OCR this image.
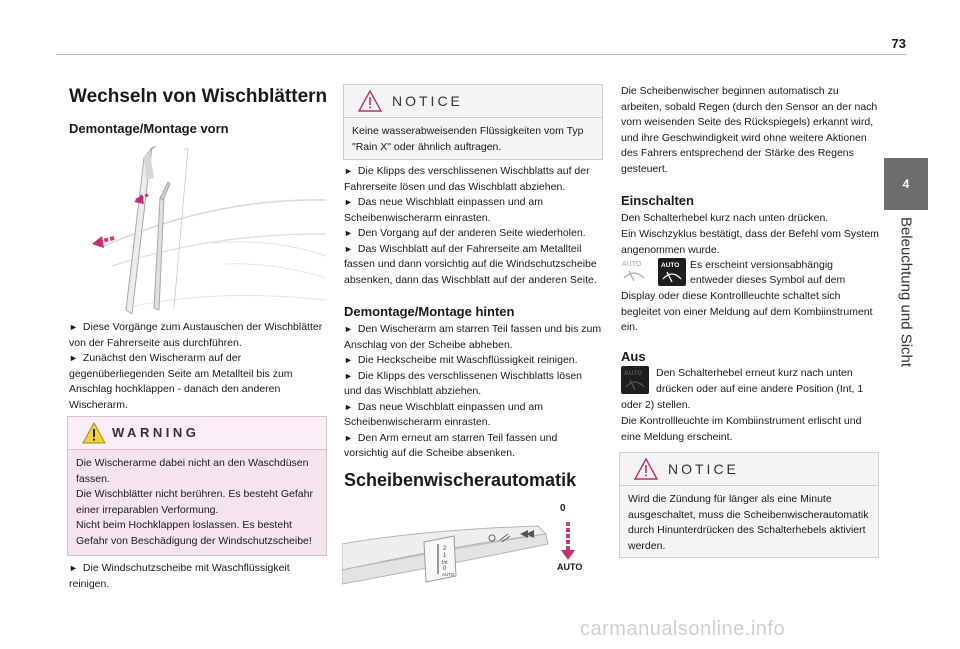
73
4
Beleuchtung und Sicht
Wechseln von Wischblättern
Demontage/Montage vorn

► Diese Vorgänge zum Austauschen der Wischblätter von der Fahrerseite aus durchführen.

► Zunächst den Wischerarm auf der gegenüberliegenden Seite am Metallteil bis zum Anschlag hochklappen - danach den anderen Wischerarm.

WARNING

Die Wischerarme dabei nicht an den Waschdüsen fassen.

Die Wischblätter nicht berühren. Es besteht Gefahr einer irreparablen Verformung.

Nicht beim Hochklappen loslassen. Es besteht Gefahr von Beschädigung der Windschutzscheibe!

► Die Windschutzscheibe mit Waschflüssigkeit reinigen.

NOTICE

Keine wasserabweisenden Flüssigkeiten vom Typ "Rain X" oder ähnlich auftragen.

► Die Klipps des verschlissenen Wischblatts auf der Fahrerseite lösen und das Wischblatt abziehen.

► Das neue Wischblatt einpassen und am Scheibenwischerarm einrasten.

► Den Vorgang auf der anderen Seite wiederholen.

► Das Wischblatt auf der Fahrerseite am Metallteil fassen und dann vorsichtig auf die Windschutzscheibe absenken, dann das Wischblatt auf der anderen Seite.

Demontage/Montage hinten

► Den Wischerarm am starren Teil fassen und bis zum Anschlag von der Scheibe abheben.

► Die Heckscheibe mit Waschflüssigkeit reinigen.

► Die Klipps des verschlissenen Wischblatts lösen und das Wischblatt abziehen.

► Das neue Wischblatt einpassen und am Scheibenwischerarm einrasten.

► Den Arm erneut am starren Teil fassen und vorsichtig auf die Scheibe absenken.

Scheibenwischerautomatik
2
1
Int
0
AUTO
0
AUTO

Die Scheibenwischer beginnen automatisch zu arbeiten, sobald Regen (durch den Sensor an der nach vorn weisenden Seite des Rückspiegels) erkannt wird, und ihre Geschwindigkeit wird ohne weitere Aktionen des Fahrers entsprechend der Stärke des Regens gesteuert.

Einschalten

Den Schalterhebel kurz nach unten drücken.

Ein Wischzyklus bestätigt, dass der Befehl vom System angenommen wurde.

AUTO	AUTO Es erscheint versionsabhängig

entweder dieses Symbol auf dem

Display oder diese Kontrollleuchte schaltet sich begleitet von einer Meldung auf dem Kombiinstrument ein.

Aus
AUTO Den Schalterhebel erneut kurz nach unten

drücken oder auf eine andere Position (Int, 1 oder 2) stellen.

Die Kontrollleuchte im Kombiinstrument erlischt und eine Meldung erscheint.

NOTICE

Wird die Zündung für länger als eine Minute ausgeschaltet, muss die Scheibenwischerautomatik durch Hinunterdrücken des Schalterhebels aktiviert werden.

carmanualsonline.info
